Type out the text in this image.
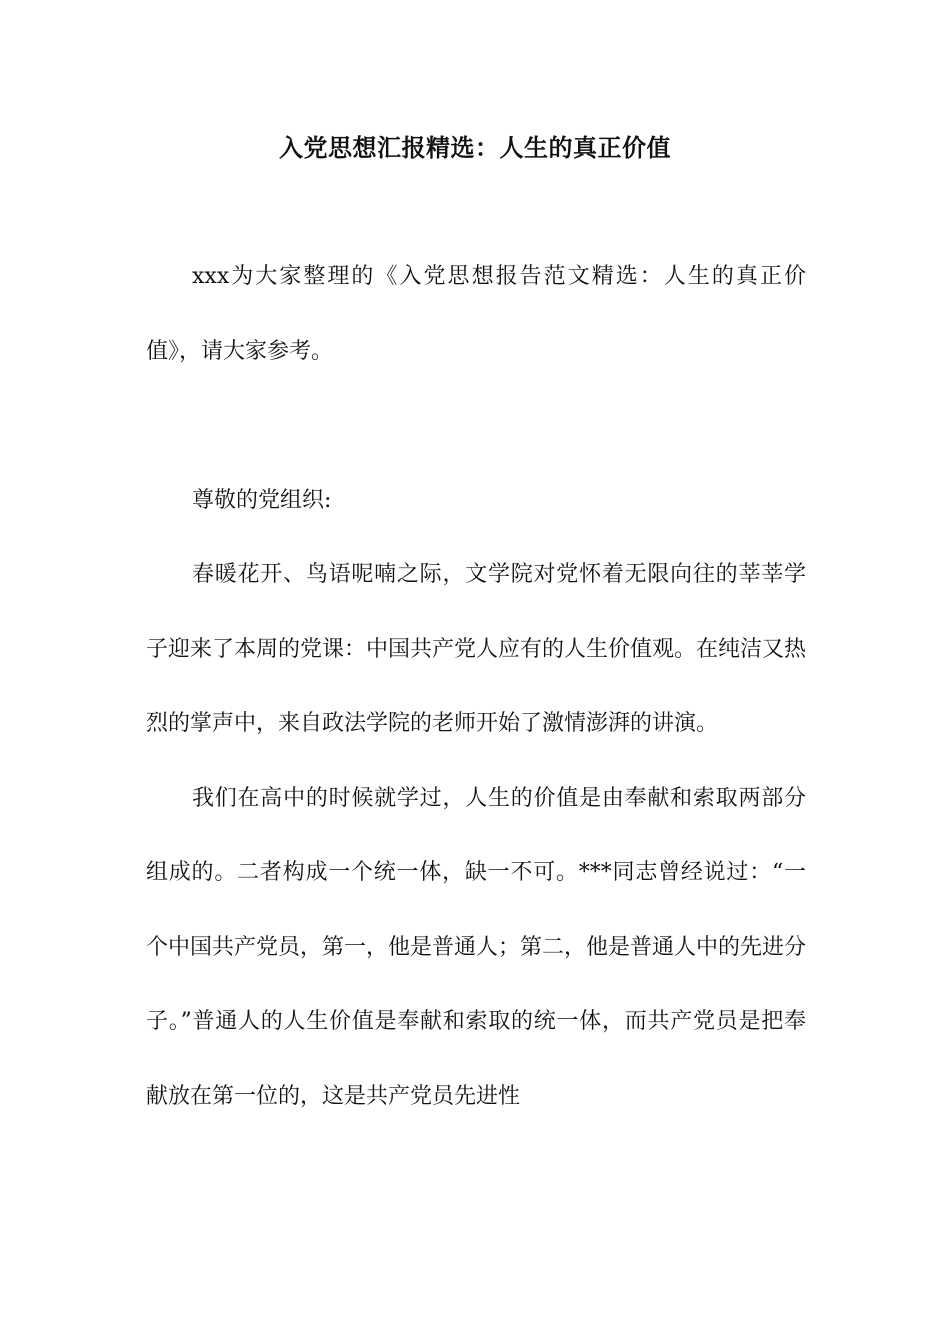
入党思想汇报精选：人生的真正价值

xxx为大家整理的《入党思想报告范文精选：人生的真正价值》，请大家参考。

尊敬的党组织:

春暖花开、鸟语呢喃之际，文学院对党怀着无限向往的莘莘学子迎来了本周的党课：中国共产党人应有的人生价值观。在纯洁又热烈的掌声中，来自政法学院的老师开始了激情澎湃的讲演。

我们在高中的时候就学过，人生的价值是由奉献和索取两部分组成的。二者构成一个统一体，缺一不可。***同志曾经说过：“一个中国共产党员，第一，他是普通人；第二，他是普通人中的先进分子。”普通人的人生价值是奉献和索取的统一体，而共产党员是把奉献放在第一位的，这是共产党员先进性
